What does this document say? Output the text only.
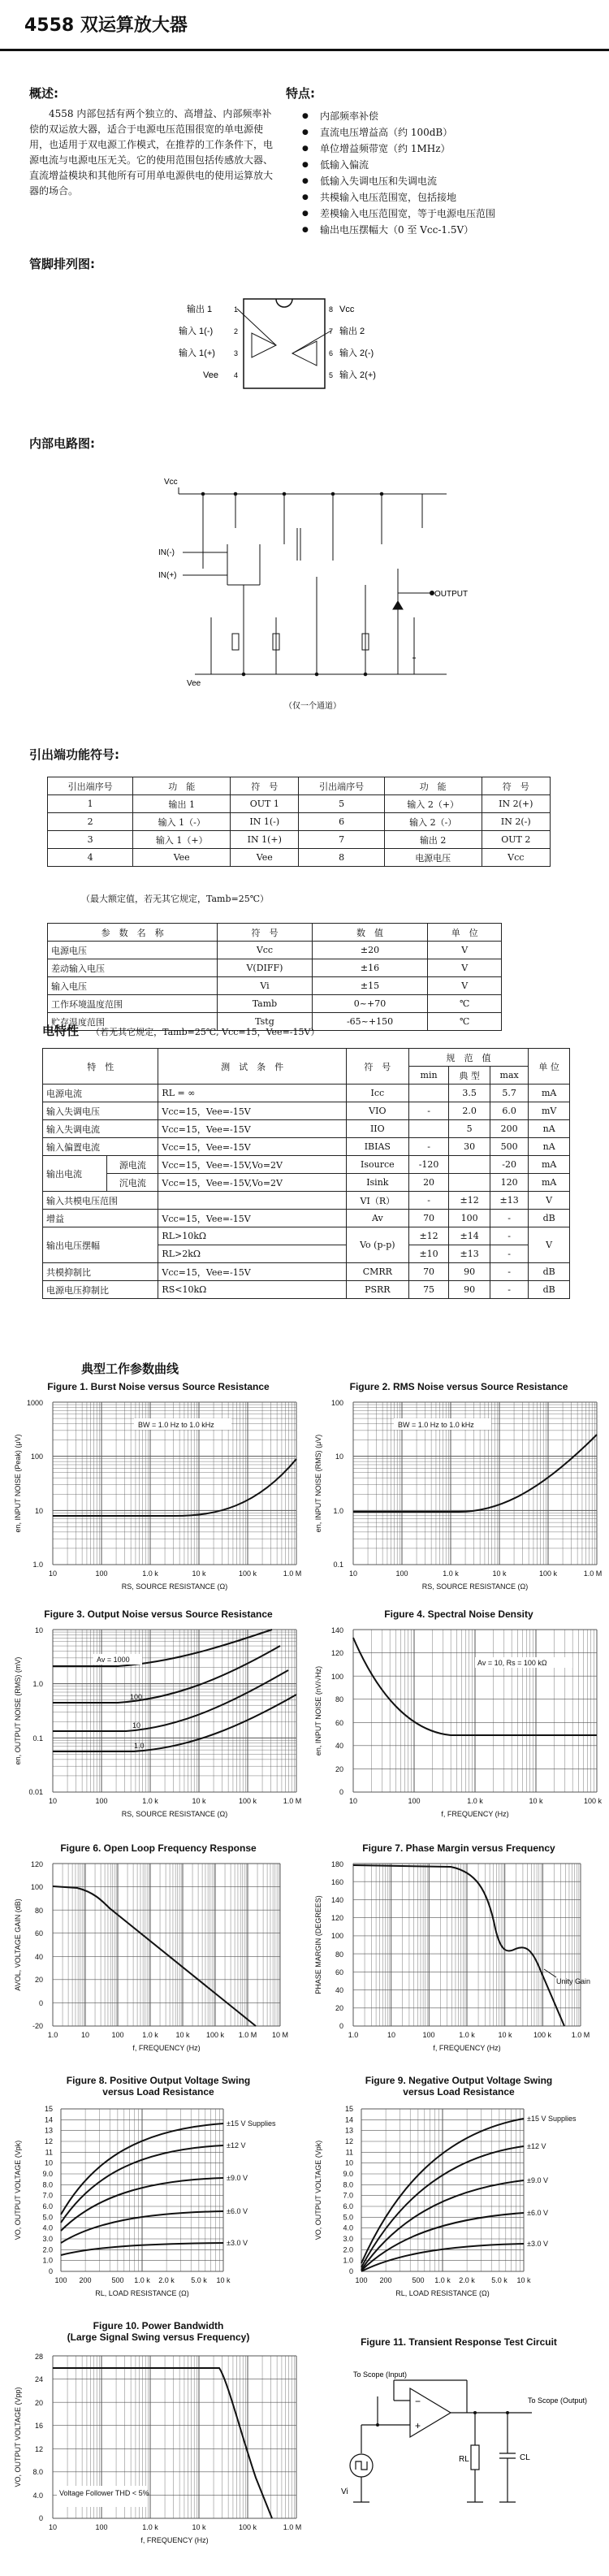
4558 双运算放大器
概述:

4558 内部包括有两个独立的、高增益、内部频率补偿的双运放大器，适合于电源电压范围很宽的单电源使用，也适用于双电源工作模式，在推荐的工作条件下，电源电流与电源电压无关。它的使用范围包括传感放大器、直流增益模块和其他所有可用单电源供电的使用运算放大器的场合。

特点:
● 内部频率补偿
● 直流电压增益高（约 100dB）
● 单位增益频带宽（约 1MHz）
● 低输入偏流
● 低输入失调电压和失调电流
● 共模输入电压范围宽，包括接地
● 差模输入电压范围宽，等于电源电压范围
● 输出电压摆幅大（0 至 Vcc-1.5V）
管脚排列图:
输出 1
输入 1(-)
输入 1(+)
Vee
1
2
3
4
8
7
6
5
Vcc
输出 2
输入 2(-)
输入 2(+)
内部电路图:
Vcc
IN(-)
IN(+)
OUTPUT
Vee
（仅一个通道）
引出端功能符号:
引出端序号	功　能	符　号	引出端序号	功　能	符　号
1	输出 1	OUT 1	5	输入 2（+）	IN 2(+)
2	输入 1（-）	IN 1(-)	6	输入 2（-）	IN 2(-)
3	输入 1（+）	IN 1(+)	7	输出 2	OUT 2
4	Vee	Vee	8	电源电压	Vcc
（最大额定值，若无其它规定，Tamb=25℃）
参　数　名　称	符　号	数　值	单　位
电源电压	Vcc	±20	V
差动输入电压	V(DIFF)	±16	V
输入电压	Vi	±15	V
工作环境温度范围	Tamb	0~+70	℃
贮存温度范围	Tstg	-65~+150	℃
电特性 （若无其它规定，Tamb=25℃, Vcc=15，Vee=-15V）
特　性		测　试　条　件	符　号	规　范　值			单 位
				min	典 型	max	
电源电流		RL = ∞	Icc		3.5	5.7	mA
输入失调电压		Vcc=15，Vee=-15V	VIO	-	2.0	6.0	mV
输入失调电流		Vcc=15，Vee=-15V	IIO		5	200	nA
输入偏置电流		Vcc=15，Vee=-15V	IBIAS	-	30	500	nA
输出电流	源电流	Vcc=15，Vee=-15V,Vo=2V	Isource	-120		-20	mA
	沉电流	Vcc=15，Vee=-15V,Vo=2V	Isink	20		120	mA
输入共模电压范围			VI（R）	-	±12	±13	V
增益		Vcc=15，Vee=-15V	Av	70	100	-	dB
输出电压摆幅		RL>10kΩ	Vo (p-p)	±12	±14	-	V
		RL>2kΩ		±10	±13	-	
共模抑制比		Vcc=15，Vee=-15V	CMRR	70	90	-	dB
电源电压抑制比		RS<10kΩ	PSRR	75	90	-	dB
典型工作参数曲线
Figure 1. Burst Noise versus Source Resistance
1000
100
10
1.0
10	100	1.0 k	10 k	100 k	1.0 M
RS, SOURCE RESISTANCE (Ω)
en, INPUT NOISE (Peak) (μV)
BW = 1.0 Hz to 1.0 kHz
Figure 2. RMS Noise versus Source Resistance
100
10
1.0
0.1
10	100	1.0 k	10 k	100 k	1.0 M
RS, SOURCE RESISTANCE (Ω)
en, INPUT NOISE (RMS) (μV)
BW = 1.0 Hz to 1.0 kHz
Figure 3. Output Noise versus Source Resistance
10
1.0
0.1
0.01
10	100	1.0 k	10 k	100 k	1.0 M
RS, SOURCE RESISTANCE (Ω)
en, OUTPUT NOISE (RMS) (mV)	Av = 1000
100
10
1.0
Figure 4. Spectral Noise Density
140
120
100
80
60
40
20
0
10	100	1.0 k	10 k	100 k
f, FREQUENCY (Hz)
en, INPUT NOISE (nV/√Hz)
Av = 10, Rs = 100 kΩ
Figure 6. Open Loop Frequency Response
120
100
80
60
40
20
0
-20
1.0	10	100	1.0 k 10 k 100 k 1.0 M 10 M
f, FREQUENCY (Hz)
AVOL, VOLTAGE GAIN (dB)
Figure 7. Phase Margin versus Frequency
180
160
140
120
100
80
60
40
20
0
1.0	10	100	1.0 k	10 k	100 k	1.0 M
f, FREQUENCY (Hz)
PHASE MARGIN (DEGREES)	Unity Gain
Figure 8. Positive Output Voltage Swing
versus Load Resistance
15
14
13
12
11
10
9.0
8.0
7.0
6.0
5.0
4.0
3.0
2.0
1.0
0
100 200	500 1.0 k 2.0 k 5.0 k 10 k
RL, LOAD RESISTANCE (Ω)
VO, OUTPUT VOLTAGE (Vpk)
±15 V Supplies
±12 V
±9.0 V
±6.0 V
±3.0 V
Figure 9. Negative Output Voltage Swing
versus Load Resistance
15
14
13
12
11
10
9.0
8.0
7.0
6.0
5.0
4.0
3.0
2.0
1.0
0
100 200	500 1.0 k 2.0 k 5.0 k 10 k
RL, LOAD RESISTANCE (Ω)
VO, OUTPUT VOLTAGE (Vpk)
±15 V Supplies
±12 V
±9.0 V
±6.0 V
±3.0 V
Figure 10. Power Bandwidth
(Large Signal Swing versus Frequency)
28
24
20
16
12
8.0
4.0
0
10	100	1.0 k	10 k	100 k	1.0 M
f, FREQUENCY (Hz)
VO, OUTPUT VOLTAGE (Vpp)
Voltage Follower THD < 5%
Figure 11. Transient Response Test Circuit
−
+
To Scope (Input)
To Scope (Output)
Vi
RL	CL
